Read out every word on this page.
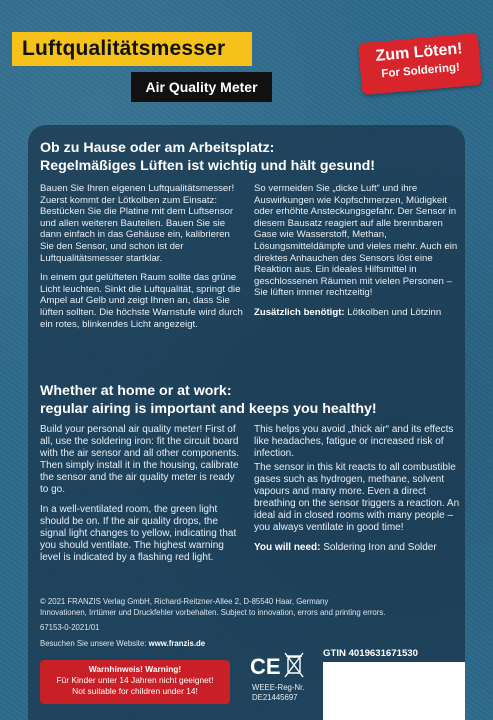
Luftqualitätsmesser
Air Quality Meter
Zum Löten!
For Soldering!
Ob zu Hause oder am Arbeitsplatz:
Regelmäßiges Lüften ist wichtig und hält gesund!

Bauen Sie Ihren eigenen Luftqualitätsmesser! Zuerst kommt der Lötkolben zum Einsatz: Bestücken Sie die Platine mit dem Luftsensor und allen weiteren Bauteilen. Bauen Sie sie dann einfach in das Gehäuse ein, kalibrieren Sie den Sensor, und schon ist der Luftqualitätsmesser startklar.

In einem gut gelüfteten Raum sollte das grüne Licht leuchten. Sinkt die Luftqualität, springt die Ampel auf Gelb und zeigt Ihnen an, dass Sie lüften sollten. Die höchste Warnstufe wird durch ein rotes, blinkendes Licht angezeigt.

So vermeiden Sie „dicke Luft“ und ihre Auswirkungen wie Kopfschmerzen, Müdigkeit oder erhöhte Ansteckungsgefahr. Der Sensor in diesem Bausatz reagiert auf alle brennbaren Gase wie Wasserstoff, Methan, Lösungsmitteldämpfe und vieles mehr. Auch ein direktes Anhauchen des Sensors löst eine Reaktion aus. Ein ideales Hilfsmittel in geschlossenen Räumen mit vielen Personen – Sie lüften immer rechtzeitig!

Zusätzlich benötigt: Lötkolben und Lötzinn

Whether at home or at work:
regular airing is important and keeps you healthy!

Build your personal air quality meter! First of all, use the soldering iron: fit the circuit board with the air sensor and all other components. Then simply install it in the housing, calibrate the sensor and the air quality meter is ready to go.

In a well-ventilated room, the green light should be on. If the air quality drops, the signal light changes to yellow, indicating that you should ventilate. The highest warning level is indicated by a flashing red light.

This helps you avoid „thick air“ and its effects like headaches, fatigue or increased risk of infection.

The sensor in this kit reacts to all combustible gases such as hydrogen, methane, solvent vapours and many more. Even a direct breathing on the sensor triggers a reaction. An ideal aid in closed rooms with many people – you always ventilate in good time!

You will need: Soldering Iron and Solder

© 2021 FRANZIS Verlag GmbH, Richard-Reitzner-Allee 2, D-85540 Haar, Germany
Innovationen, Irrtümer und Druckfehler vorbehalten. Subject to innovation, errors and printing errors.
67153-0-2021/01
Besuchen Sie unsere Website: www.franzis.de
Warnhinweis! Warning!
Für Kinder unter 14 Jahren nicht geeignet!
Not suitable for children under 14!
CE
WEEE-Reg-Nr.
DE21445697
GTIN 4019631671530
